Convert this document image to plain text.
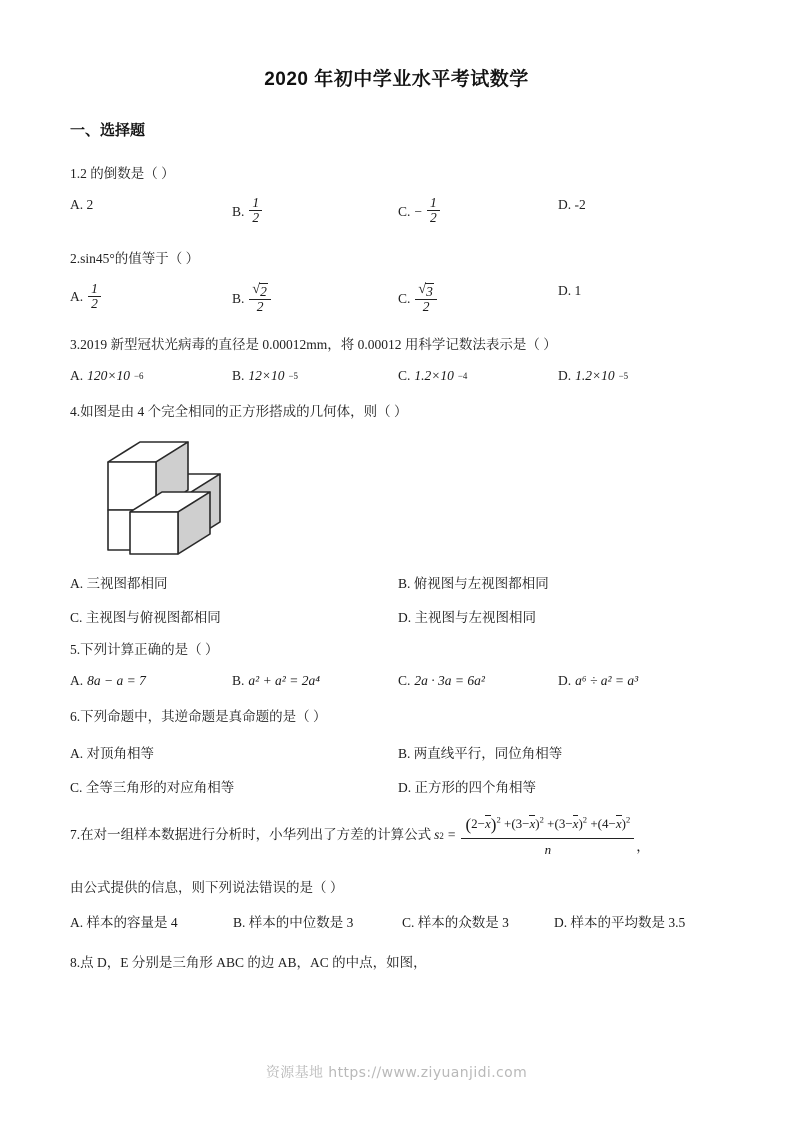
2020 年初中学业水平考试数学
一、选择题
1.2 的倒数是（ ）
A. 2	B. $\frac{1}{2}$	C. − $\frac{1}{2}$	D. -2
2.sin45°的值等于（ ）
A. $\frac{1}{2}$	B. $\frac{√ 2}{2}$	C. $\frac{√ 3}{2}$	D. 1
3.2019 新型冠状光病毒的直径是 0.00012mm，将 0.00012 用科学记数法表示是（ ）
A. 120×10 −6	B. 12×10 −5	C. 1.2×10 −4	D. 1.2×10 −5
4.如图是由 4 个完全相同的正方形搭成的几何体，则（ ）
A. 三视图都相同	B. 俯视图与左视图都相同
C. 主视图与俯视图都相同	D. 主视图与左视图相同
5.下列计算正确的是（ ）
A. 8a − a = 7	B. a² + a² = 2a⁴	C. 2a · 3a = 6a²	D. a⁶ ÷ a² = a³
6.下列命题中，其逆命题是真命题的是（ ）
A. 对顶角相等	B. 两直线平行，同位角相等
C. 全等三角形的对应角相等	D. 正方形的四个角相等
7.在对一组样本数据进行分析时，小华列出了方差的计算公式 s $2 = \frac{(2-x)^2 +(3-x)^2 +(3-x)^2 +(4-x)^2}{n}$ ，
由公式提供的信息，则下列说法错误的是（ ）
A. 样本的容量是 4	B. 样本的中位数是 3	C. 样本的众数是 3	D. 样本的平均数是 3.5
8.点 D，E 分别是三角形 ABC 的边 AB，AC 的中点，如图，
资源基地 https://www.ziyuanjidi.com
